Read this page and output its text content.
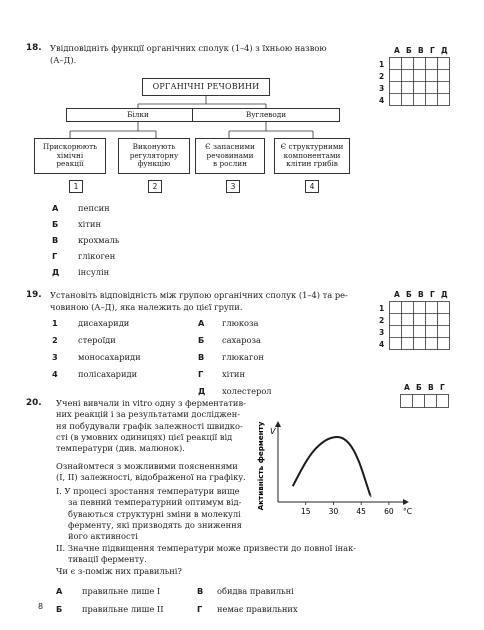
18. Увідповідніть функції органічних сполук (1–4) з їхньою назвою
(А–Д).
ОРГАНІЧНІ РЕЧОВИНИ
Білки	Вуглеводи
Прискорюють
хімічні
реакції
Виконують
регуляторну
функцію
Є запасними
речовинами
в рослин
Є структурними
компонентами
клітин грибів
1	2	3	4
А пепсин
Б хітин
В крохмаль
Г	глікоген
Д інсулін
А Б В Г Д
1
2
3
4
19. Установіть відповідність між групою органічних сполук (1–4) та ре-
човиною (А–Д), яка належить до цієї групи.
1 дисахариди
2 стероїди
3 моносахариди
4 полісахариди
А глюкоза
Б сахароза
В глюкагон
Г хітин
Д холестерол
А Б В Г Д
1
2
3
4
20. Учені вивчали in vitro одну з ферментатив-
них реакцій і за результатами досліджен-
ня побудували графік залежності швидко-
сті (в умовних одиницях) цієї реакції від
температури (див. малюнок).
Ознайомтеся з можливими поясненнями
(І, ІІ) залежності, відображеної на графіку.
І. У процесі зростання температури вище
за певний температурний оптимум від-
буваються структурні зміни в молекулі
ферменту, які призводять до зниження
його активності
ІІ. Значне підвищення температури може призвести до повної інак-
тивації ферменту.
Чи є з-поміж них правильні?
А правильне лише І
Б правильне лише ІІ
В обидва правильні
Г немає правильних
А Б В Г
15 30 45 60
V
Активність ферменту
°C
8
